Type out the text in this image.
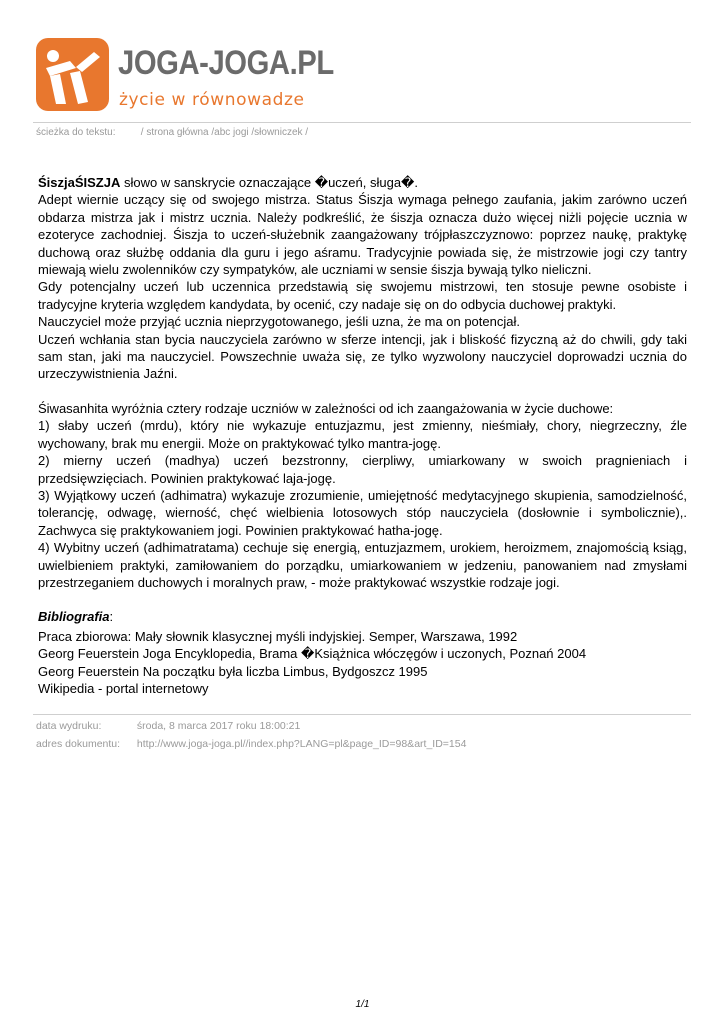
JOGA-JOGA.PL
życie w równowadze
ścieżka do tekstu:	/ strona główna /abc jogi /słowniczek /

ŚiszjaŚISZJA słowo w sanskrycie oznaczające �uczeń, sługa�.

Adept wiernie uczący się od swojego mistrza. Status Śiszja wymaga pełnego zaufania, jakim zarówno uczeń obdarza mistrza jak i mistrz ucznia. Należy podkreślić, że śiszja oznacza dużo więcej niżli pojęcie ucznia w ezoteryce zachodniej. Śiszja to uczeń-służebnik zaangażowany trójpłaszczyznowo: poprzez naukę, praktykę duchową oraz służbę oddania dla guru i jego aśramu. Tradycyjnie powiada się, że mistrzowie jogi czy tantry miewają wielu zwolenników czy sympatyków, ale uczniami w sensie śiszja bywają tylko nieliczni.

Gdy potencjalny uczeń lub uczennica przedstawią się swojemu mistrzowi, ten stosuje pewne osobiste i tradycyjne kryteria względem kandydata, by ocenić, czy nadaje się on do odbycia duchowej praktyki.

Nauczyciel może przyjąć ucznia nieprzygotowanego, jeśli uzna, że ma on potencjał.

Uczeń wchłania stan bycia nauczyciela zarówno w sferze intencji, jak i bliskość fizyczną aż do chwili, gdy taki sam stan, jaki ma nauczyciel. Powszechnie uważa się, ze tylko wyzwolony nauczyciel doprowadzi ucznia do urzeczywistnienia Jaźni.

Śiwasanhita wyróżnia cztery rodzaje uczniów w zależności od ich zaangażowania w życie duchowe:

1) słaby uczeń (mrdu), który nie wykazuje entuzjazmu, jest zmienny, nieśmiały, chory, niegrzeczny, źle wychowany, brak mu energii. Może on praktykować tylko mantra-jogę.

2) mierny uczeń (madhya) uczeń bezstronny, cierpliwy, umiarkowany w swoich pragnieniach i przedsięwzięciach. Powinien praktykować laja-jogę.

3) Wyjątkowy uczeń (adhimatra) wykazuje zrozumienie, umiejętność medytacyjnego skupienia, samodzielność, tolerancję, odwagę, wierność, chęć wielbienia lotosowych stóp nauczyciela (dosłownie i symbolicznie),. Zachwyca się praktykowaniem jogi. Powinien praktykować hatha-jogę.

4) Wybitny uczeń (adhimatratama) cechuje się energią, entuzjazmem, urokiem, heroizmem, znajomością ksiąg, uwielbieniem praktyki, zamiłowaniem do porządku, umiarkowaniem w jedzeniu, panowaniem nad zmysłami przestrzeganiem duchowych i moralnych praw, - może praktykować wszystkie rodzaje jogi.

Bibliografia:

Praca zbiorowa: Mały słownik klasycznej myśli indyjskiej. Semper, Warszawa, 1992
Georg Feuerstein Joga Encyklopedia, Brama �Książnica włóczęgów i uczonych, Poznań 2004
Georg Feuerstein Na początku była liczba Limbus, Bydgoszcz 1995
Wikipedia - portal internetowy
data wydruku:	środa, 8 marca 2017 roku 18:00:21
adres dokumentu: http://www.joga-joga.pl//index.php?LANG=pl&page_ID=98&art_ID=154
1/1
